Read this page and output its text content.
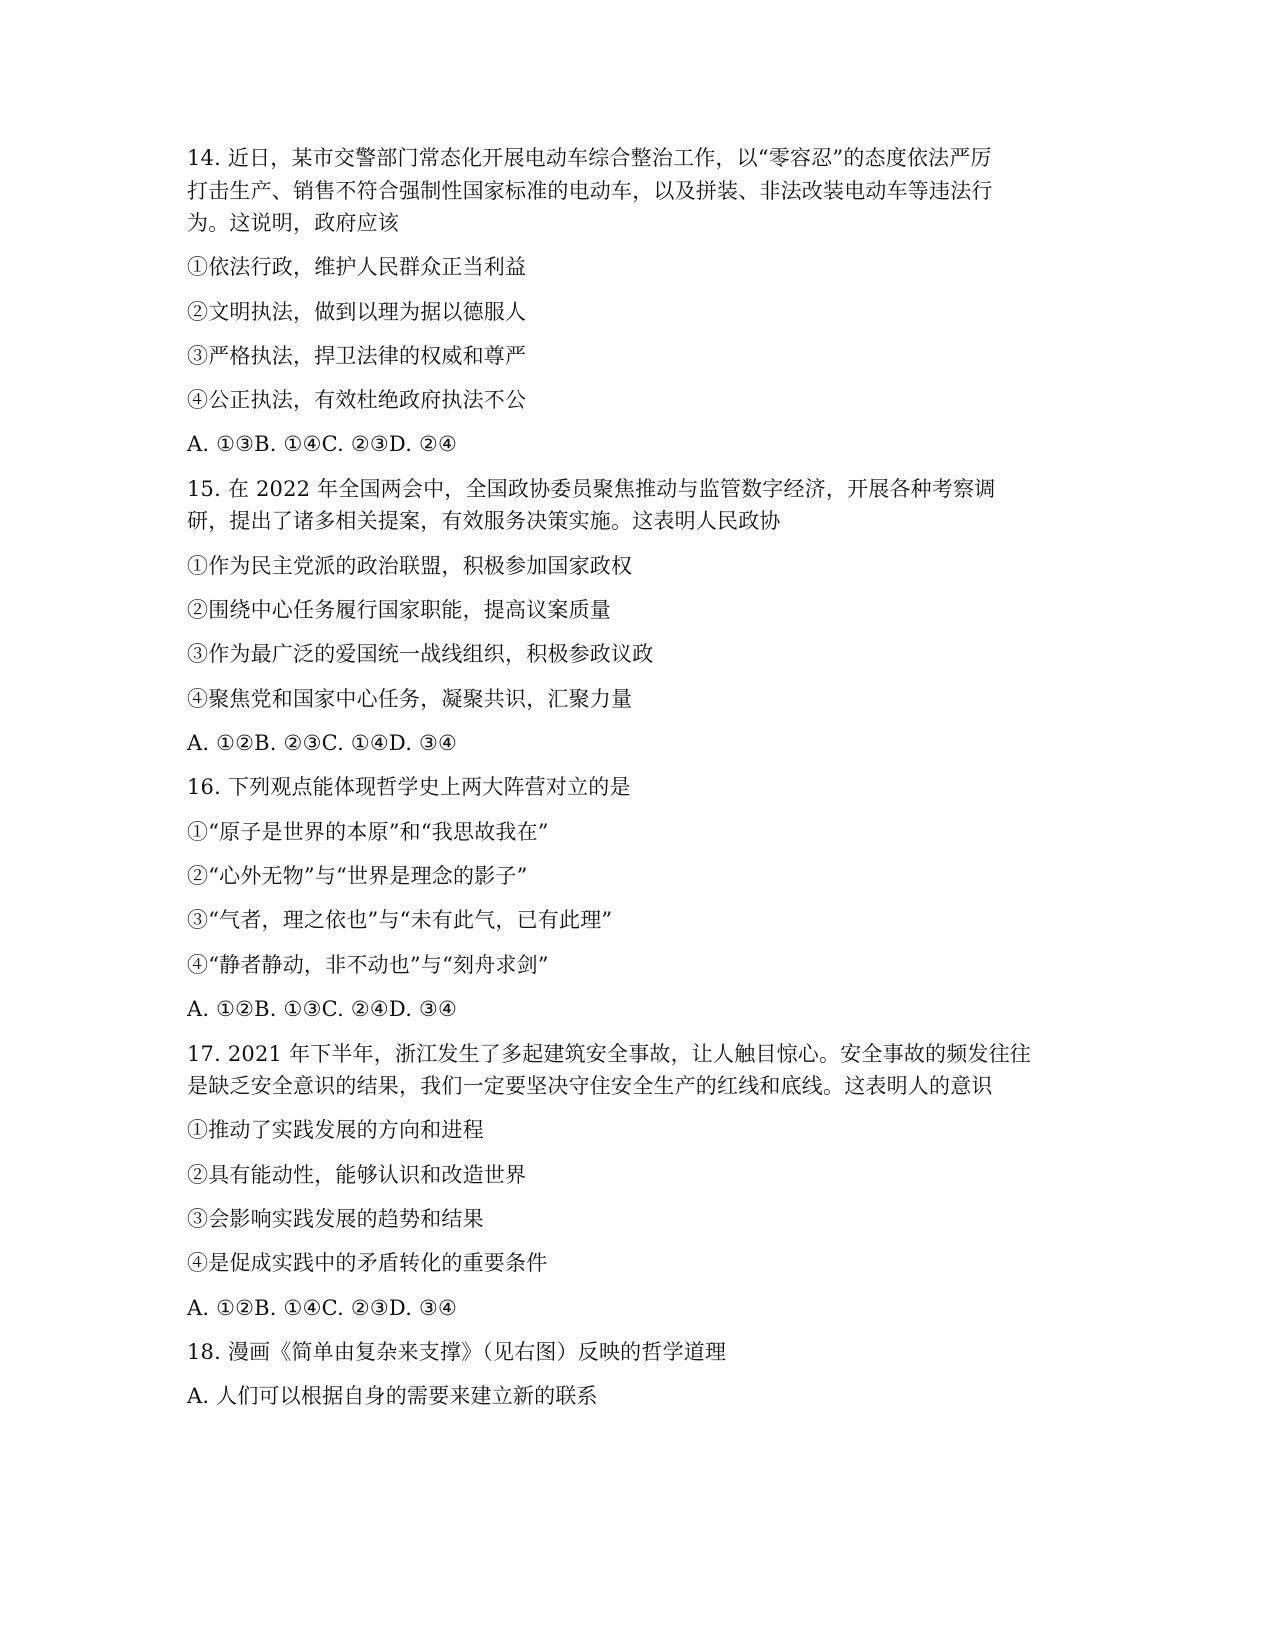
14. 近日，某市交警部门常态化开展电动车综合整治工作，以“零容忍”的态度依法严厉
打击生产、销售不符合强制性国家标准的电动车，以及拼装、非法改装电动车等违法行
为。这说明，政府应该
①依法行政，维护人民群众正当利益
②文明执法，做到以理为据以德服人
③严格执法，捍卫法律的权威和尊严
④公正执法，有效杜绝政府执法不公
A. ①③B. ①④C. ②③D. ②④
15. 在 2022 年全国两会中，全国政协委员聚焦推动与监管数字经济，开展各种考察调
研，提出了诸多相关提案，有效服务决策实施。这表明人民政协
①作为民主党派的政治联盟，积极参加国家政权
②围绕中心任务履行国家职能，提高议案质量
③作为最广泛的爱国统一战线组织，积极参政议政
④聚焦党和国家中心任务，凝聚共识，汇聚力量
A. ①②B. ②③C. ①④D. ③④
16. 下列观点能体现哲学史上两大阵营对立的是
①“原子是世界的本原”和“我思故我在”
②“心外无物”与“世界是理念的影子”
③“气者，理之依也”与“未有此气，已有此理”
④“静者静动，非不动也”与“刻舟求剑”
A. ①②B. ①③C. ②④D. ③④
17. 2021 年下半年，浙江发生了多起建筑安全事故，让人触目惊心。安全事故的频发往往
是缺乏安全意识的结果，我们一定要坚决守住安全生产的红线和底线。这表明人的意识
①推动了实践发展的方向和进程
②具有能动性，能够认识和改造世界
③会影响实践发展的趋势和结果
④是促成实践中的矛盾转化的重要条件
A. ①②B. ①④C. ②③D. ③④
18. 漫画《简单由复杂来支撑》（见右图）反映的哲学道理
A. 人们可以根据自身的需要来建立新的联系
